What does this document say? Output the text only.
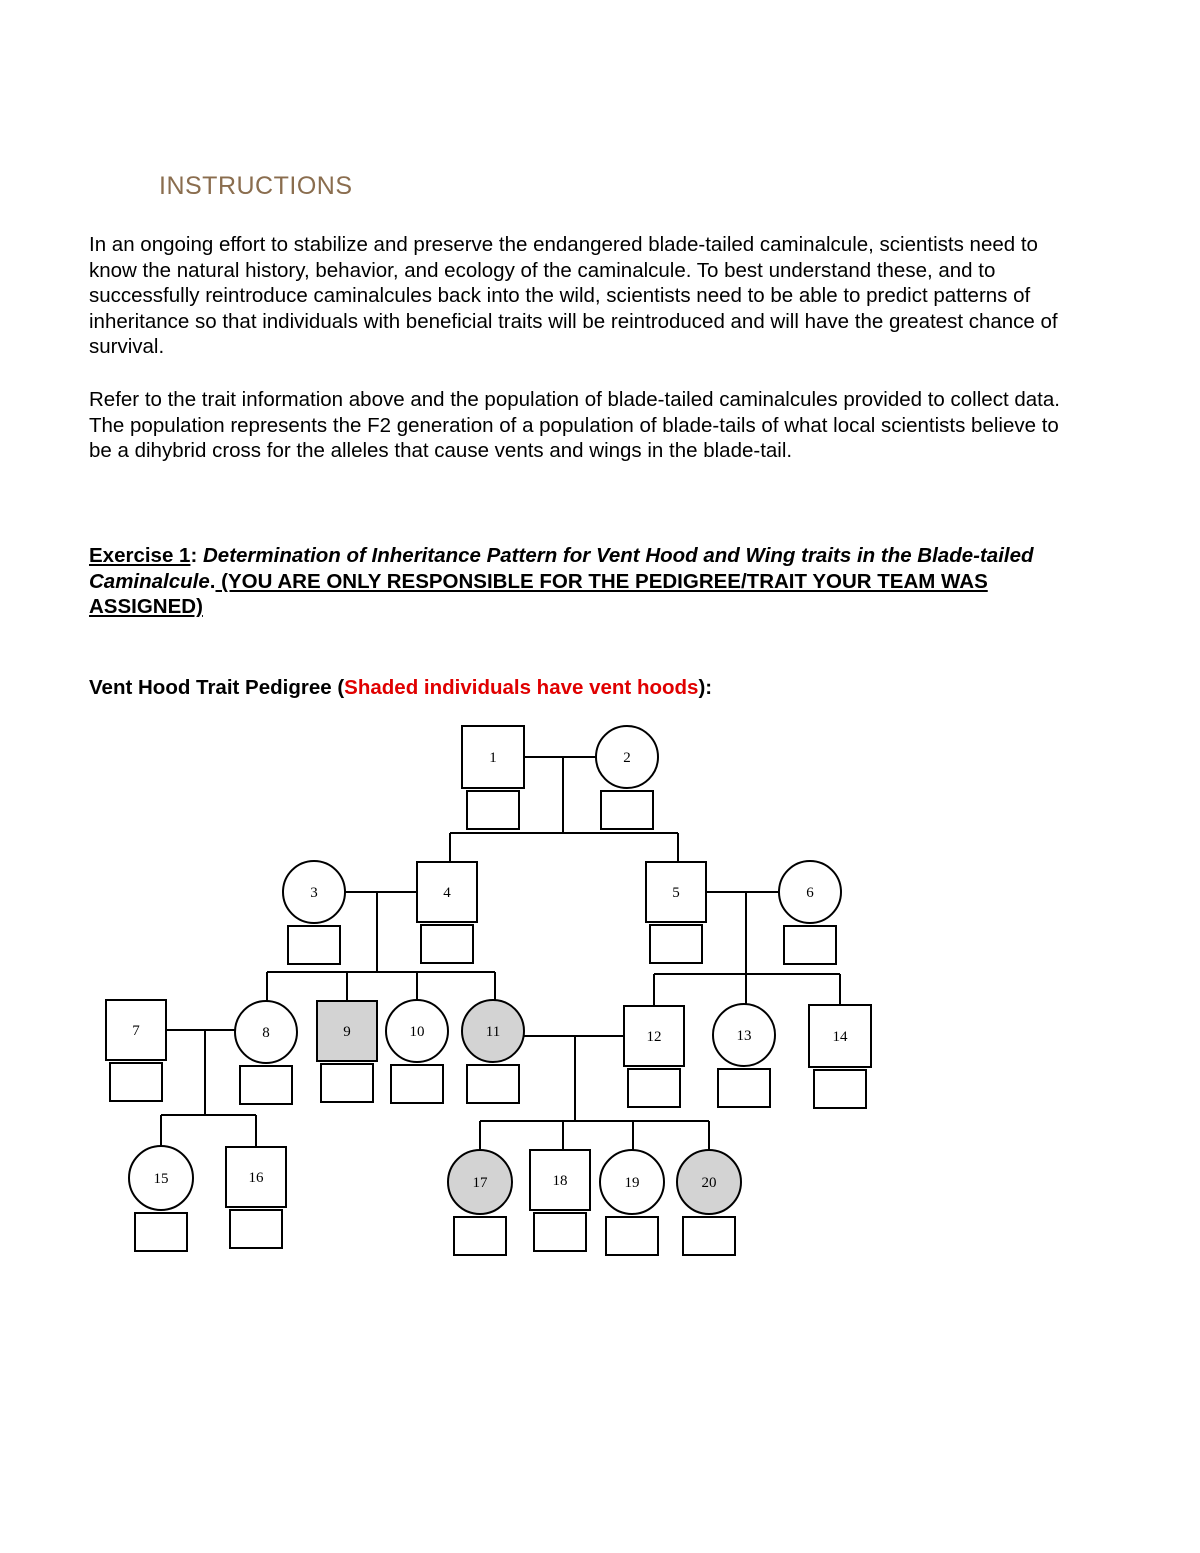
INSTRUCTIONS

In an ongoing effort to stabilize and preserve the endangered blade-tailed caminalcule, scientists need to know the natural history, behavior, and ecology of the caminalcule. To best understand these, and to successfully reintroduce caminalcules back into the wild, scientists need to be able to predict patterns of inheritance so that individuals with beneficial traits will be reintroduced and will have the greatest chance of survival.

Refer to the trait information above and the population of blade-tailed caminalcules provided to collect data. The population represents the F2 generation of a population of blade-tails of what local scientists believe to be a dihybrid cross for the alleles that cause vents and wings in the blade-tail.

Exercise 1: Determination of Inheritance Pattern for Vent Hood and Wing traits in the Blade-tailed Caminalcule. (YOU ARE ONLY RESPONSIBLE FOR THE PEDIGREE/TRAIT YOUR TEAM WAS ASSIGNED)

Vent Hood Trait Pedigree (Shaded individuals have vent hoods):

1	2
3	4	5	6
7	8	9	10	11	12	13	14
15	16	17	18	19	20
